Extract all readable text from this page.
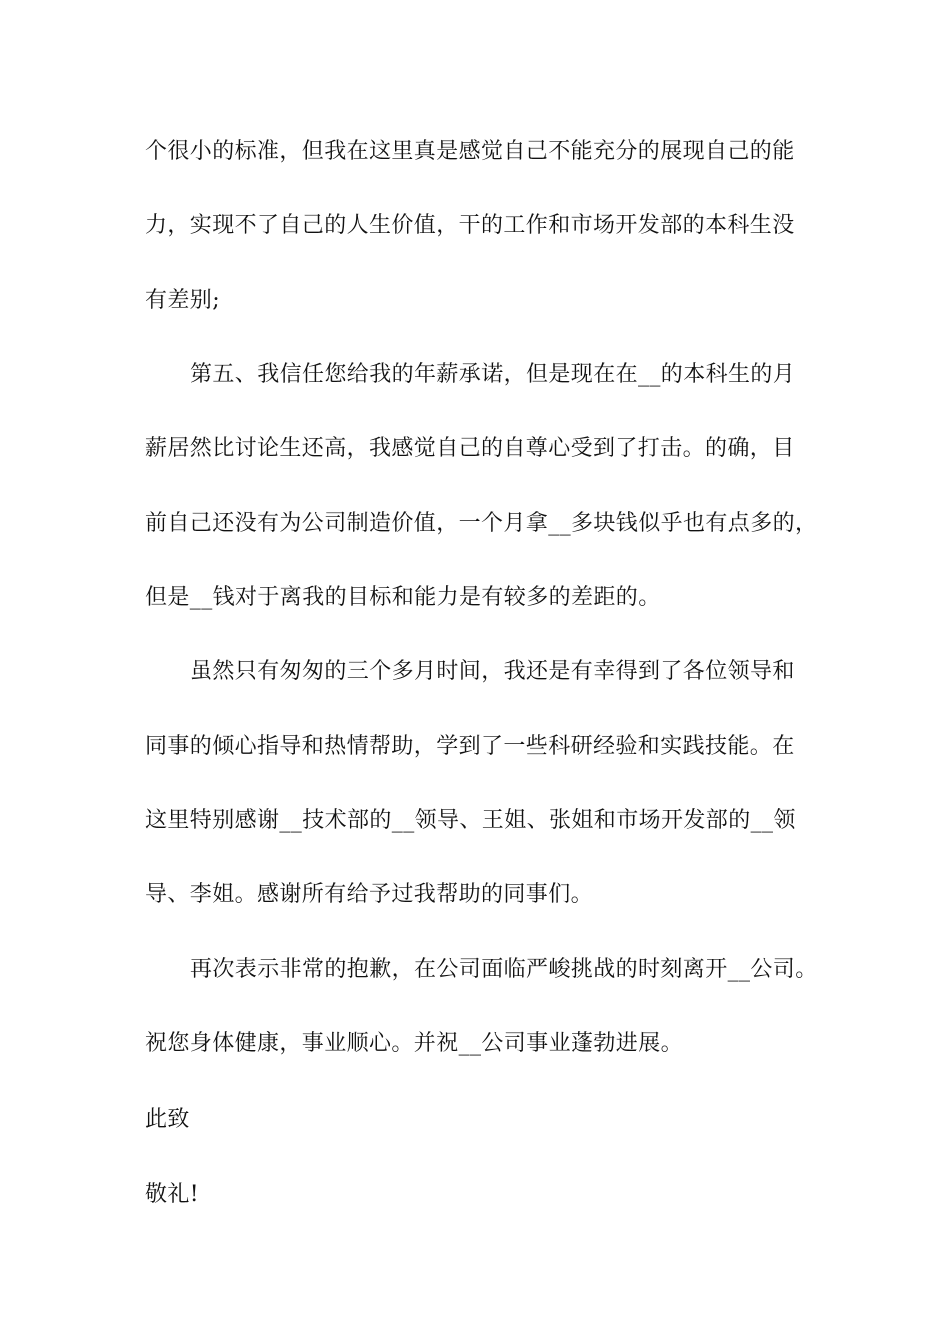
个很小的标准，但我在这里真是感觉自己不能充分的展现自己的能
力，实现不了自己的人生价值，干的工作和市场开发部的本科生没
有差别;
第五、我信任您给我的年薪承诺，但是现在在__的本科生的月
薪居然比讨论生还高，我感觉自己的自尊心受到了打击。的确，目
前自己还没有为公司制造价值，一个月拿__多块钱似乎也有点多的，
但是__钱对于离我的目标和能力是有较多的差距的。
虽然只有匆匆的三个多月时间，我还是有幸得到了各位领导和
同事的倾心指导和热情帮助，学到了一些科研经验和实践技能。在
这里特别感谢__技术部的__领导、王姐、张姐和市场开发部的__领
导、李姐。感谢所有给予过我帮助的同事们。
再次表示非常的抱歉，在公司面临严峻挑战的时刻离开__公司。
祝您身体健康，事业顺心。并祝__公司事业蓬勃进展。
此致
敬礼!
